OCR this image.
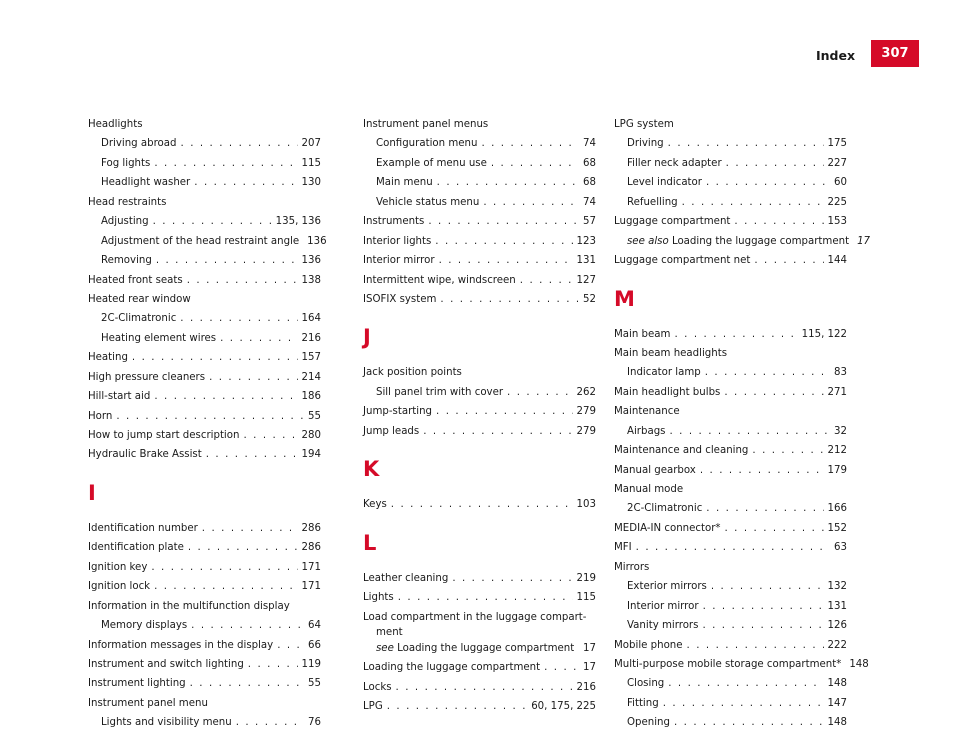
Index	307
Headlights
Driving abroad . . .	207
Fog lights . . .	115
Headlight washer . . .	130
Head restraints
Adjusting . . .	135, 136
Adjustment of the head restraint angle 136
Removing . . .	136
Heated front seats . . .	138
Heated rear window
2C-Climatronic . . .	164
Heating element wires . . .	216
Heating . . .	157
High pressure cleaners . . .	214
Hill-start aid . . .	186
Horn . . .	55
How to jump start description . . .	280
Hydraulic Brake Assist . . .	194
I
Identification number . . .	286
Identification plate . . .	286
Ignition key . . .	171
Ignition lock . . .	171
Information in the multifunction display
Memory displays . . .	64
Information messages in the display . . .	66
Instrument and switch lighting . . .	119
Instrument lighting . . .	55
Instrument panel menu
Lights and visibility menu . . .	76
Instrument panel menus
Configuration menu . . .	74
Example of menu use . . .	68
Main menu . . .	68
Vehicle status menu . . .	74
Instruments . . .	57
Interior lights . . .	123
Interior mirror . . .	131
Intermittent wipe, windscreen . . .	127
ISOFIX system . . .	52
J
Jack position points
Sill panel trim with cover . . .	262
Jump-starting . . .	279
Jump leads . . .	279
K
Keys . . .	103
L
Leather cleaning . . .	219
Lights . . .	115
Load compartment in the luggage compart-
ment
see
Loading the luggage compartment . . . 17
Loading the luggage compartment . . .	17
Locks . . .	216
LPG . . .	60, 175, 225
LPG system
Driving . . .	175
Filler neck adapter . . .	227
Level indicator . . .	60
Refuelling . . .	225
Luggage compartment . . .	153
see also
Loading the luggage compartment 17
Luggage compartment net . . .	144
M
Main beam . . .	115, 122
Main beam headlights
Indicator lamp . . .	83
Main headlight bulbs . . .	271
Maintenance
Airbags . . .	32
Maintenance and cleaning . . .	212
Manual gearbox . . .	179
Manual mode
2C-Climatronic . . .	166
MEDIA-IN connector* . . .	152
MFI . . .	63
Mirrors
Exterior mirrors . . .	132
Interior mirror . . .	131
Vanity mirrors . . .	126
Mobile phone . . .	222
Multi-purpose mobile storage compartment* 148
Closing . . .	148
Fitting . . .	147
Opening . . .	148
